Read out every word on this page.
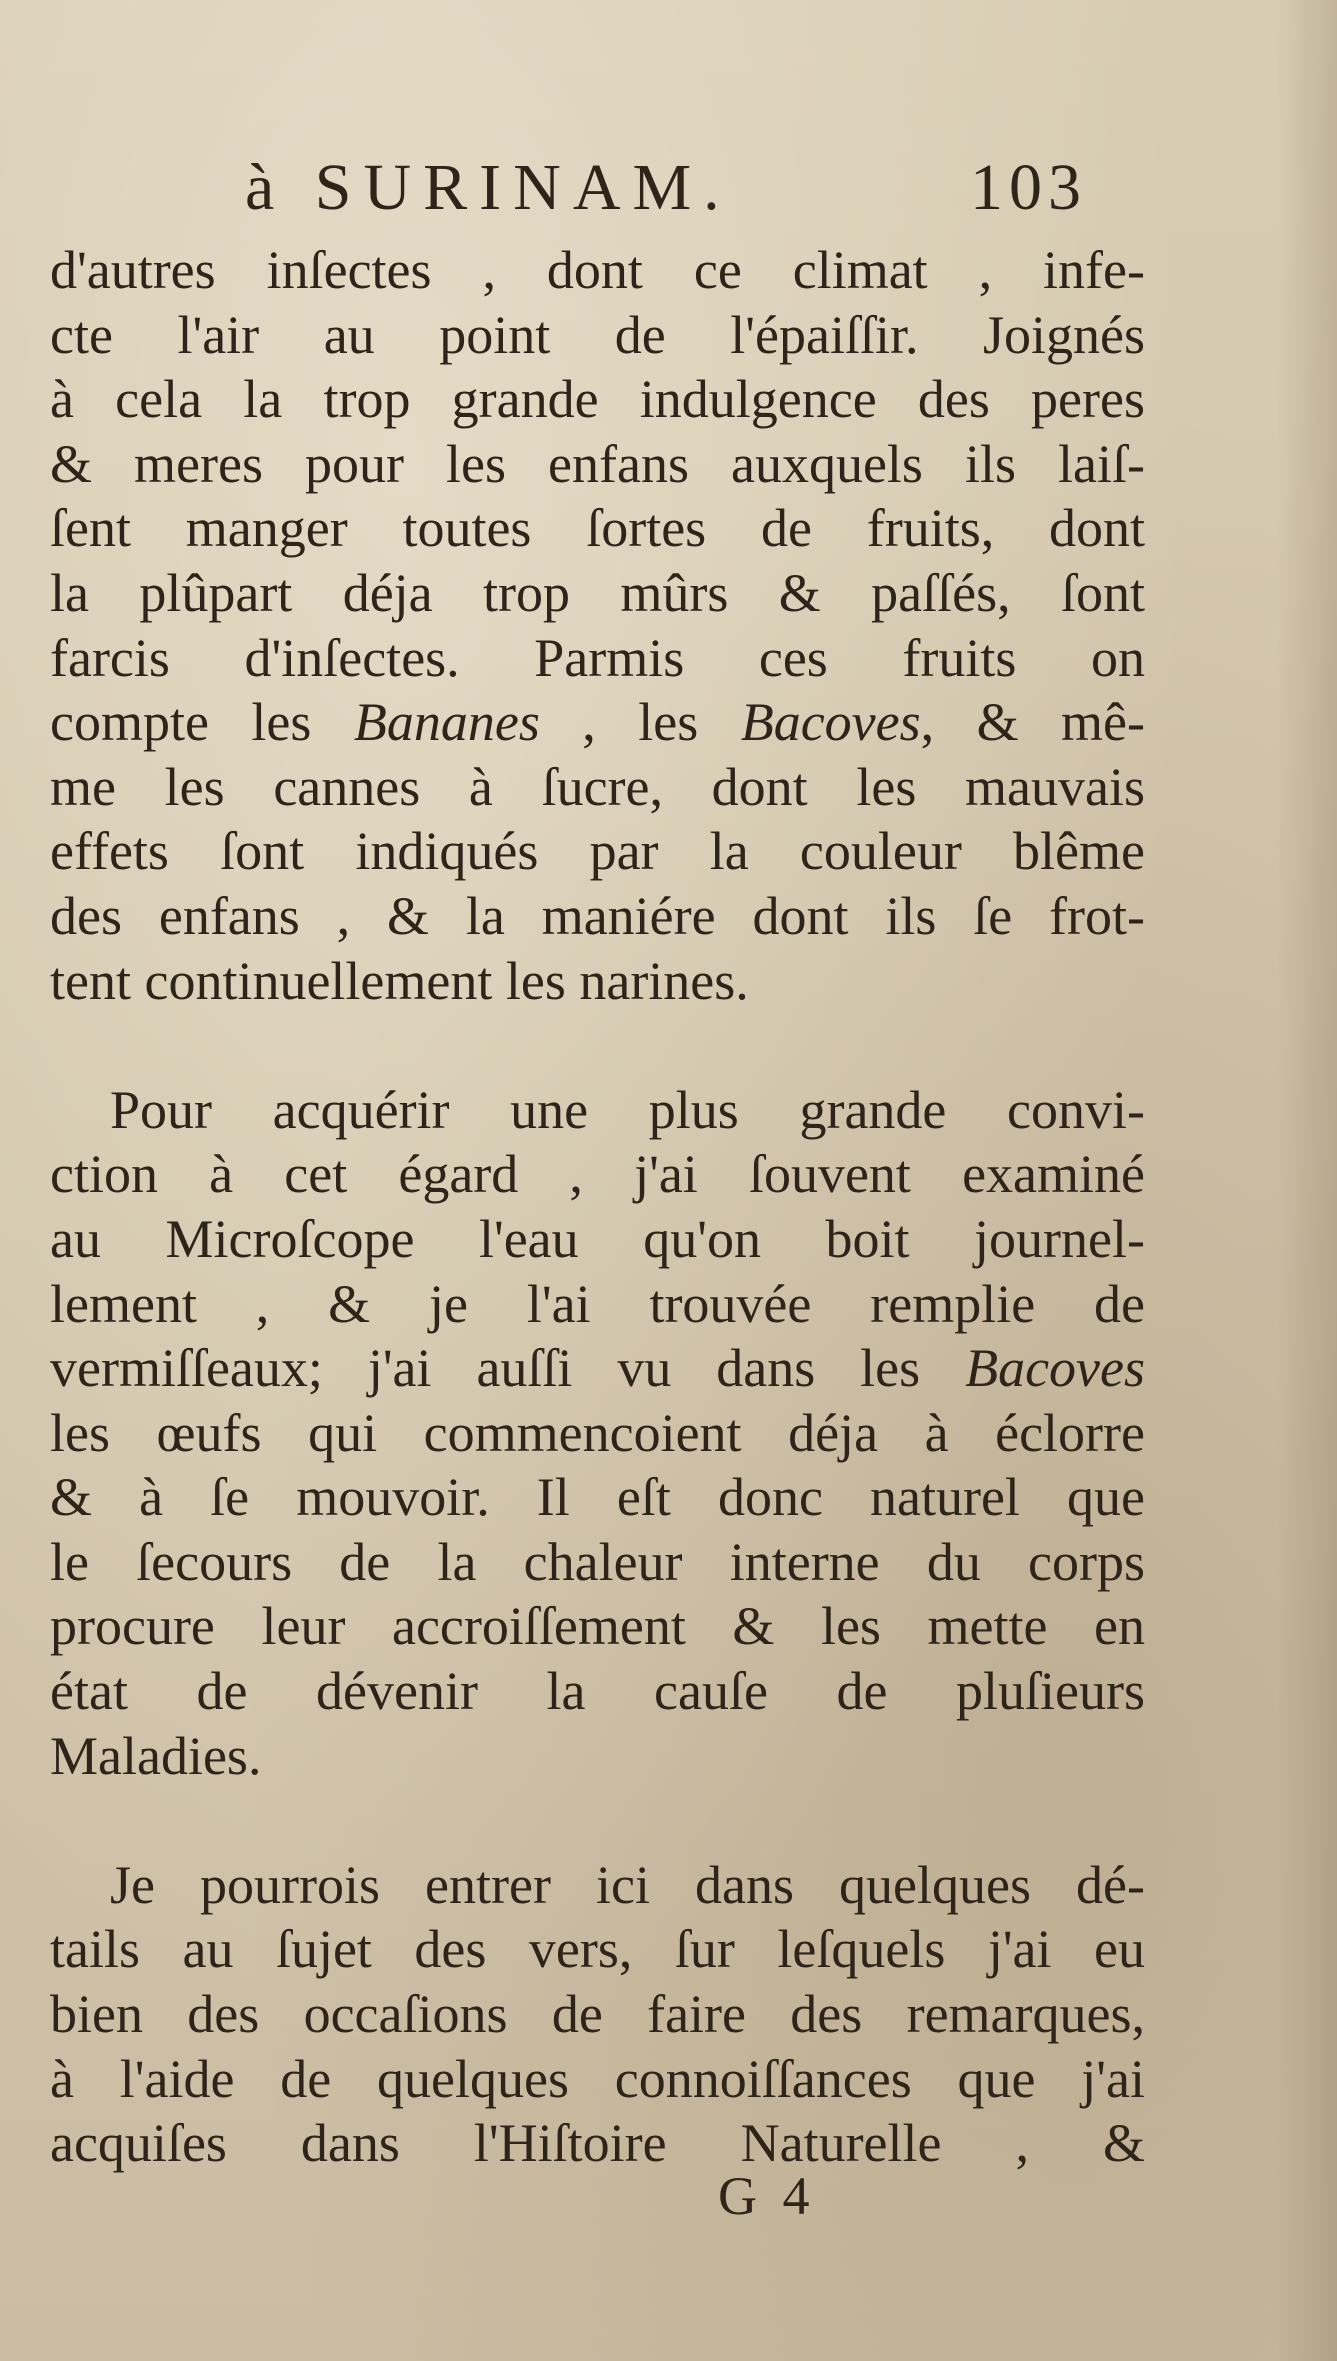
à SURINAM.	103
d'autres inſectes , dont ce climat , infe-
cte l'air au point de l'épaiſſir. Joignés
à cela la trop grande indulgence des peres
& meres pour les enfans auxquels ils laiſ-
ſent manger toutes ſortes de fruits, dont
la plûpart déja trop mûrs & paſſés, ſont
farcis d'inſectes. Parmis ces fruits on
compte les Bananes , les Bacoves, & mê-
me les cannes à ſucre, dont les mauvais
effets ſont indiqués par la couleur blême
des enfans , & la maniére dont ils ſe frot-
tent continuellement les narines.
Pour acquérir une plus grande convi-
ction à cet égard , j'ai ſouvent examiné
au Microſcope l'eau qu'on boit journel-
lement , & je l'ai trouvée remplie de
vermiſſeaux; j'ai auſſi vu dans les Bacoves
les œufs qui commencoient déja à éclorre
& à ſe mouvoir. Il eſt donc naturel que
le ſecours de la chaleur interne du corps
procure leur accroiſſement & les mette en
état de dévenir la cauſe de pluſieurs
Maladies.
Je pourrois entrer ici dans quelques dé-
tails au ſujet des vers, ſur leſquels j'ai eu
bien des occaſions de faire des remarques,
à l'aide de quelques connoiſſances que j'ai
acquiſes dans l'Hiſtoire Naturelle , &
G 4
